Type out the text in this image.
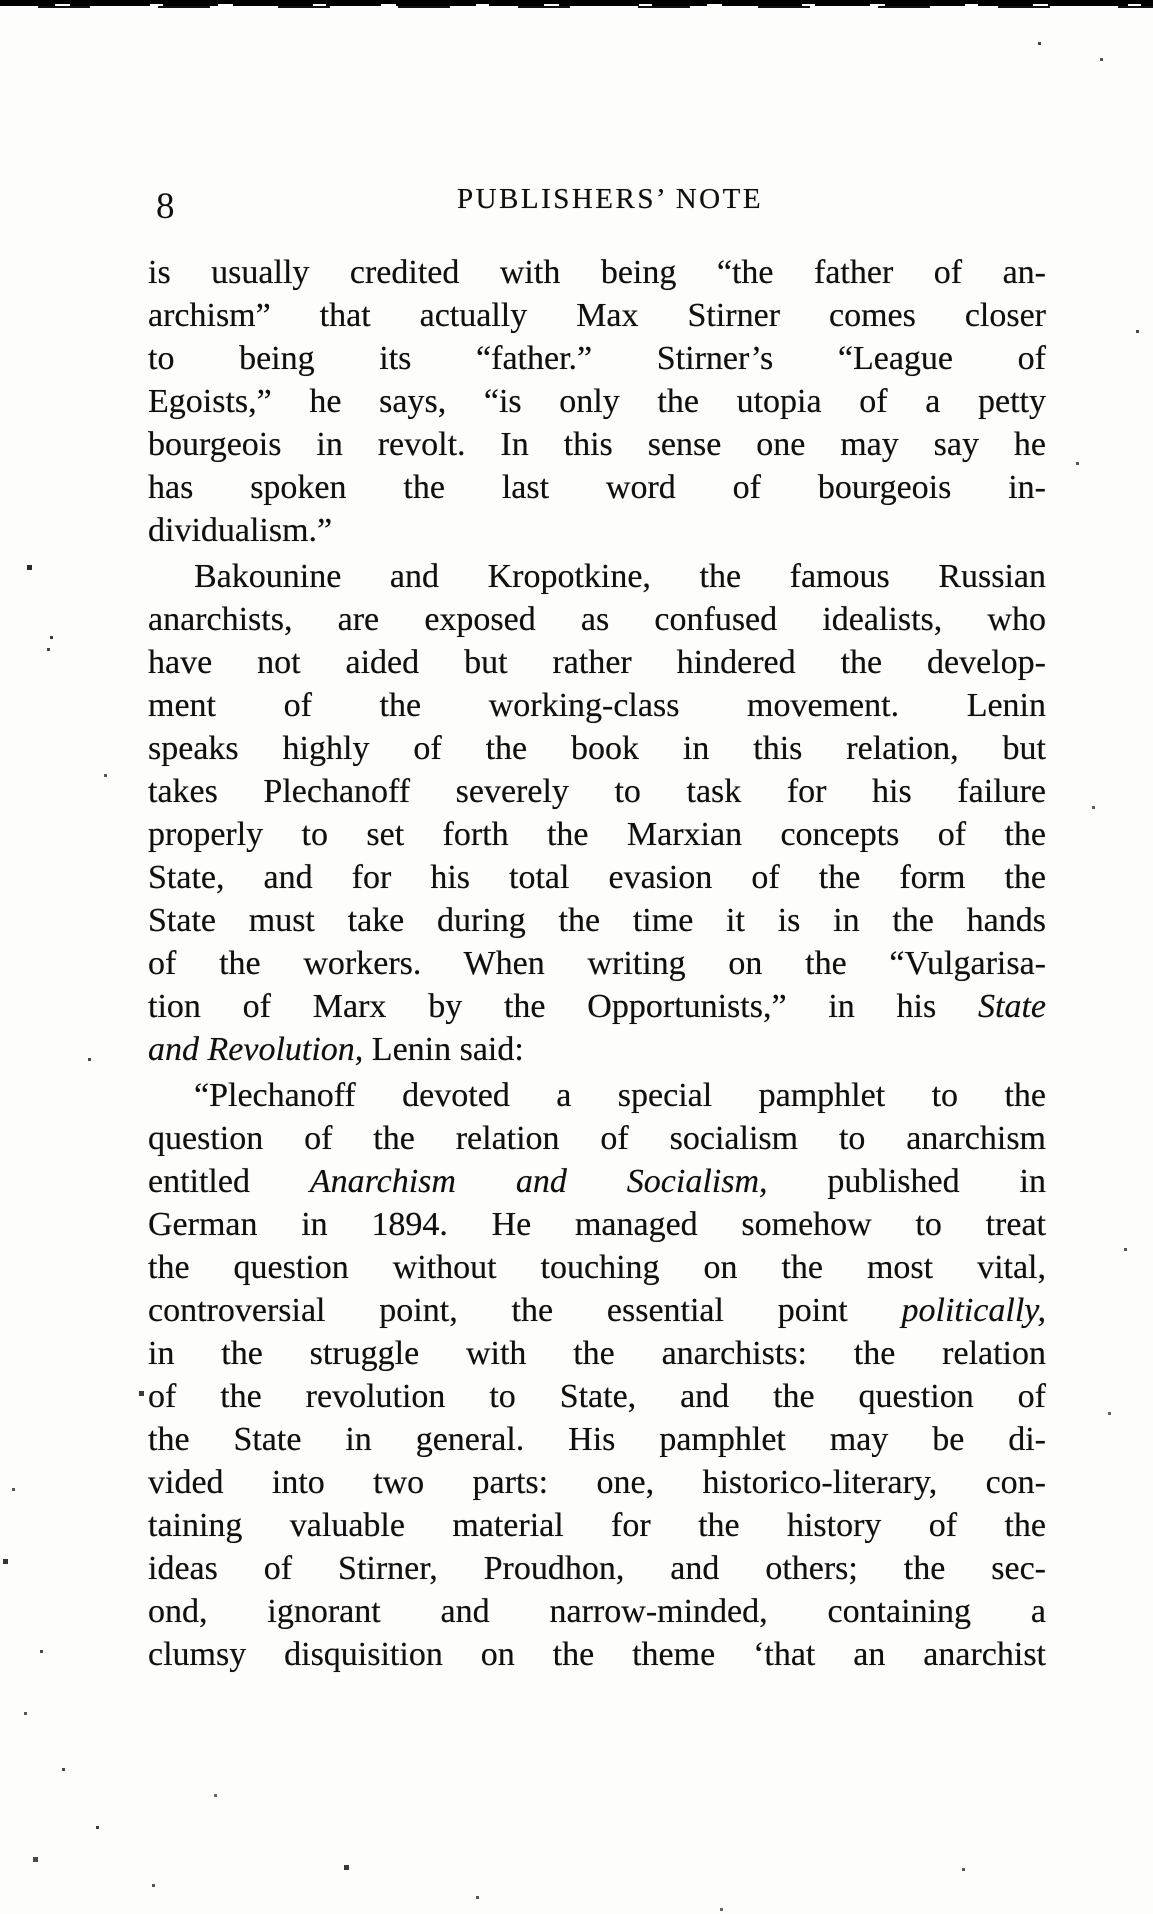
8	PUBLISHERS’ NOTE
is usually credited with being “the father of an-
archism” that actually Max Stirner comes closer
to being its “father.” Stirner’s “League of
Egoists,” he says, “is only the utopia of a petty
bourgeois in revolt. In this sense one may say he
has spoken the last word of bourgeois in-
dividualism.”
Bakounine and Kropotkine, the famous Russian
anarchists, are exposed as confused idealists, who
have not aided but rather hindered the develop-
ment of the working-class movement. Lenin
speaks highly of the book in this relation, but
takes Plechanoff severely to task for his failure
properly to set forth the Marxian concepts of the
State, and for his total evasion of the form the
State must take during the time it is in the hands
of the workers. When writing on the “Vulgarisa-
tion of Marx by the Opportunists,” in his State
and Revolution, Lenin said:
“Plechanoff devoted a special pamphlet to the
question of the relation of socialism to anarchism
entitled Anarchism and Socialism, published in
German in 1894. He managed somehow to treat
the question without touching on the most vital,
controversial point, the essential point politically,
in the struggle with the anarchists: the relation
of the revolution to State, and the question of
the State in general. His pamphlet may be di-
vided into two parts: one, historico-literary, con-
taining valuable material for the history of the
ideas of Stirner, Proudhon, and others; the sec-
ond, ignorant and narrow-minded, containing a
clumsy disquisition on the theme ‘that an anarchist
